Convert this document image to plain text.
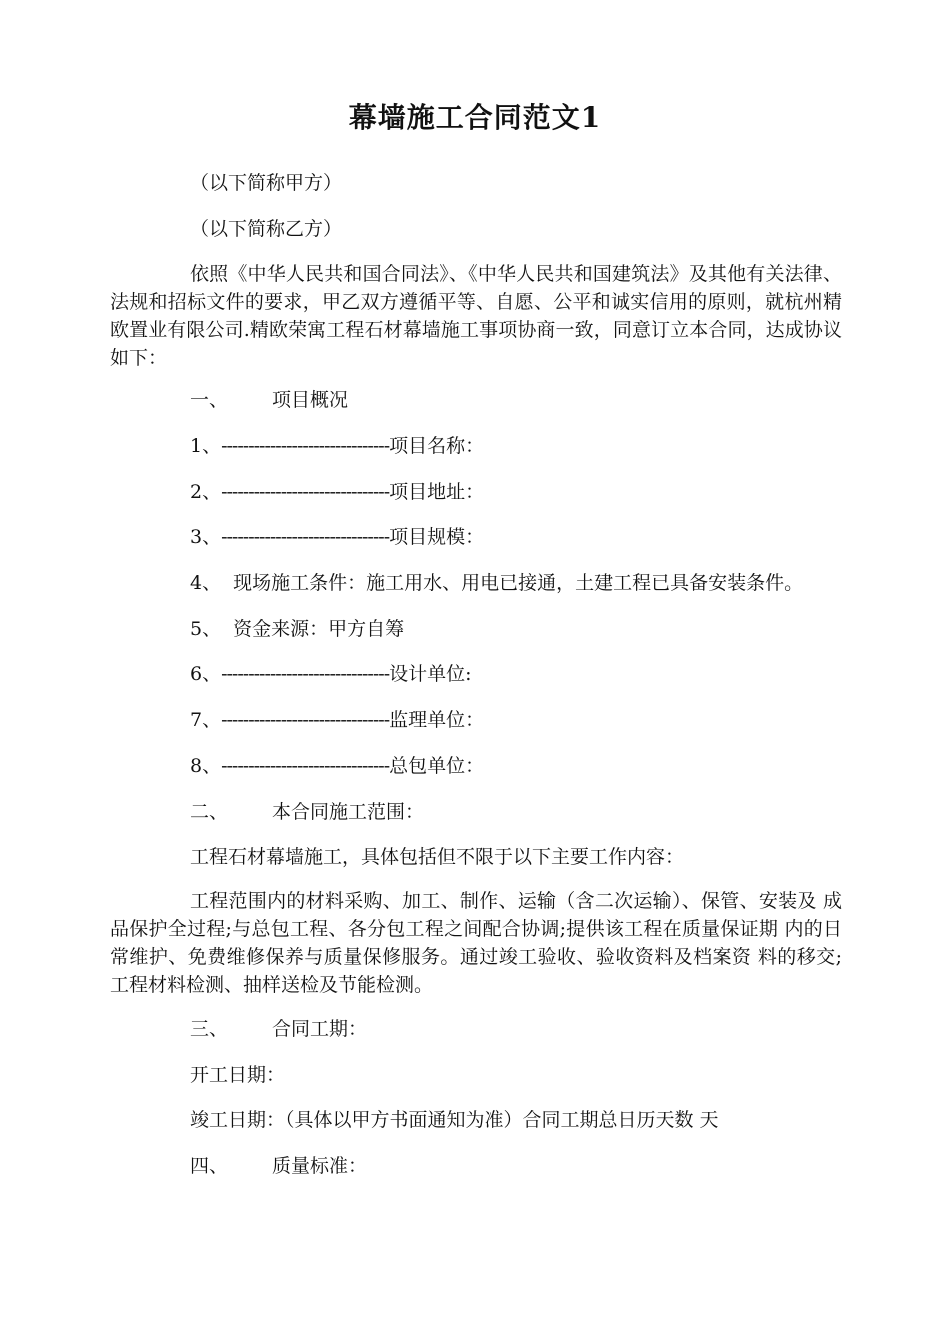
幕墙施工合同范文1
（以下简称甲方）
（以下简称乙方）

依照《中华人民共和国合同法》、《中华人民共和国建筑法》及其他有关法律、法规和招标文件的要求，甲乙双方遵循平等、自愿、公平和诚实信用的原则，就杭州精欧置业有限公司.精欧荣寓工程石材幕墙施工事项协商一致，同意订立本合同，达成协议如下：

一、 项目概况
1、-------------------------------项目名称：
2、-------------------------------项目地址：
3、-------------------------------项目规模：
4、 现场施工条件：施工用水、用电已接通，土建工程已具备安装条件。
5、 资金来源：甲方自筹
6、-------------------------------设计单位:
7、-------------------------------监理单位：
8、-------------------------------总包单位：
二、 本合同施工范围：
工程石材幕墙施工，具体包括但不限于以下主要工作内容：

工程范围内的材料采购、加工、制作、运输（含二次运输）、保管、安装及 成品保护全过程;与总包工程、各分包工程之间配合协调;提供该工程在质量保证期 内的日常维护、免费维修保养与质量保修服务。通过竣工验收、验收资料及档案资 料的移交;工程材料检测、抽样送检及节能检测。

三、 合同工期：
开工日期：
竣工日期：（具体以甲方书面通知为准）合同工期总日历天数 天
四、 质量标准：
